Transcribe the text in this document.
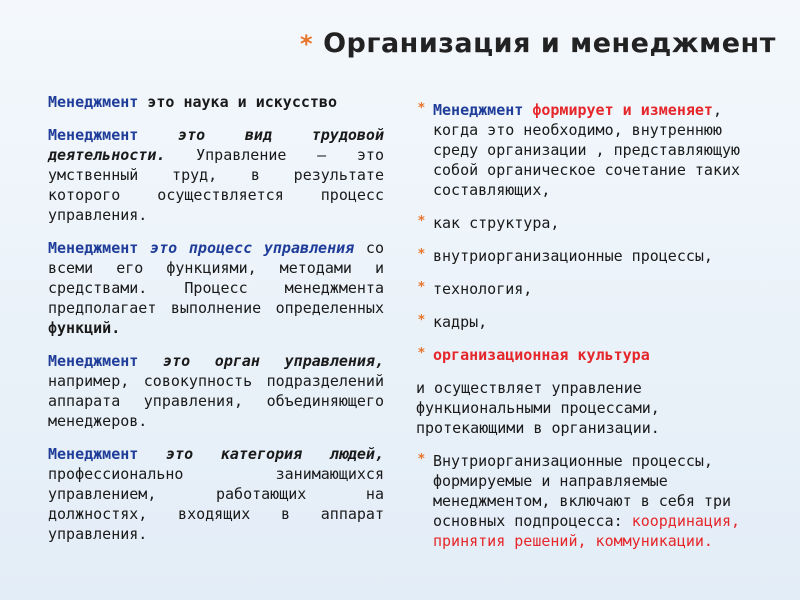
* Организация и менеджмент

Менеджмент это наука и искусство

Менеджмент это вид трудовой деятельности. Управление – это умственный труд, в результате которого осуществляется процесс управления.

Менеджмент это процесс управления со всеми его функциями, методами и средствами. Процесс менеджмента предполагает выполнение определенных функций.

Менеджмент это орган управления, например, совокупность подразделений аппарата управления, объединяющего менеджеров.

Менеджмент это категория людей, профессионально занимающихся управлением, работающих на должностях, входящих в аппарат управления.

* Менеджмент формирует и изменяет, когда это необходимо, внутреннюю среду организации , представляющую собой органическое сочетание таких составляющих,
* как структура,
* внутриорганизационные процессы,
* технология,
* кадры,
* организационная культура
и осуществляет управление функциональными процессами, протекающими в организации.
* Внутриорганизационные процессы, формируемые и направляемые менеджментом, включают в себя три основных подпроцесса: координация, принятия решений, коммуникации.
